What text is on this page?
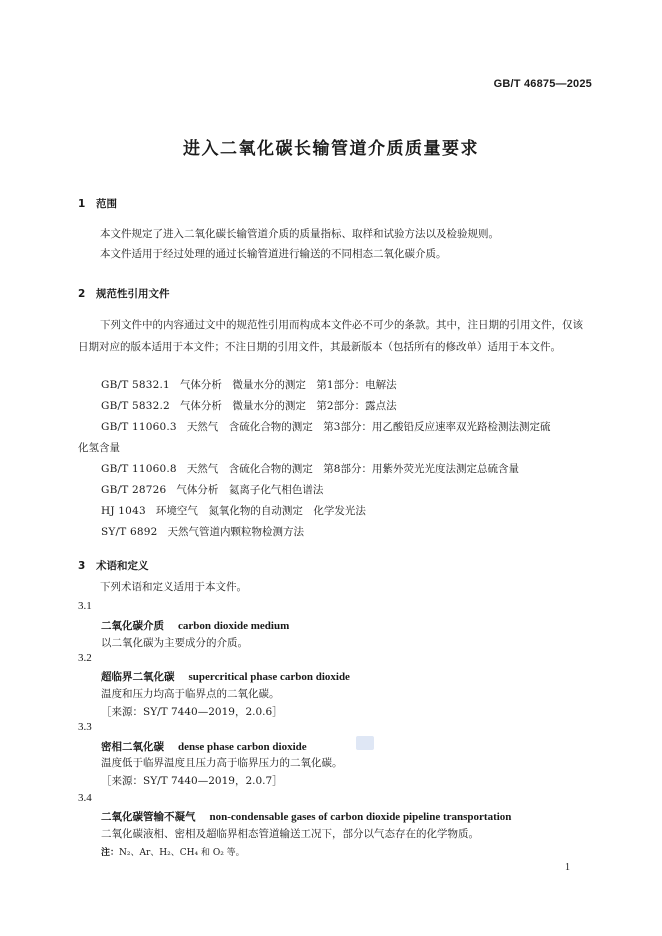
GB/T 46875—2025
进入二氧化碳长输管道介质质量要求
1 范围
本文件规定了进入二氧化碳长输管道介质的质量指标、取样和试验方法以及检验规则。
本文件适用于经过处理的通过长输管道进行输送的不同相态二氧化碳介质。
2 规范性引用文件
下列文件中的内容通过文中的规范性引用而构成本文件必不可少的条款。其中，注日期的引用文件，仅该日期对应的版本适用于本文件；不注日期的引用文件，其最新版本（包括所有的修改单）适用于本文件。
GB/T 5832.1 气体分析　微量水分的测定　第1部分：电解法
GB/T 5832.2 气体分析　微量水分的测定　第2部分：露点法
GB/T 11060.3 天然气　含硫化合物的测定　第3部分：用乙酸铅反应速率双光路检测法测定硫
化氢含量
GB/T 11060.8 天然气　含硫化合物的测定　第8部分：用紫外荧光光度法测定总硫含量
GB/T 28726 气体分析　氦离子化气相色谱法
HJ 1043 环境空气　氮氧化物的自动测定　化学发光法
SY/T 6892 天然气管道内颗粒物检测方法
3 术语和定义
下列术语和定义适用于本文件。
3.1
二氧化碳介质 carbon dioxide medium
以二氧化碳为主要成分的介质。
3.2
超临界二氧化碳 supercritical phase carbon dioxide
温度和压力均高于临界点的二氧化碳。
［来源：SY/T 7440—2019，2.0.6］
3.3
密相二氧化碳 dense phase carbon dioxide
温度低于临界温度且压力高于临界压力的二氧化碳。
［来源：SY/T 7440—2019，2.0.7］
3.4
二氧化碳管输不凝气 non-condensable gases of carbon dioxide pipeline transportation
二氧化碳液相、密相及超临界相态管道输送工况下，部分以气态存在的化学物质。
注：N₂、Ar、H₂、CH₄ 和 O₂ 等。
1
